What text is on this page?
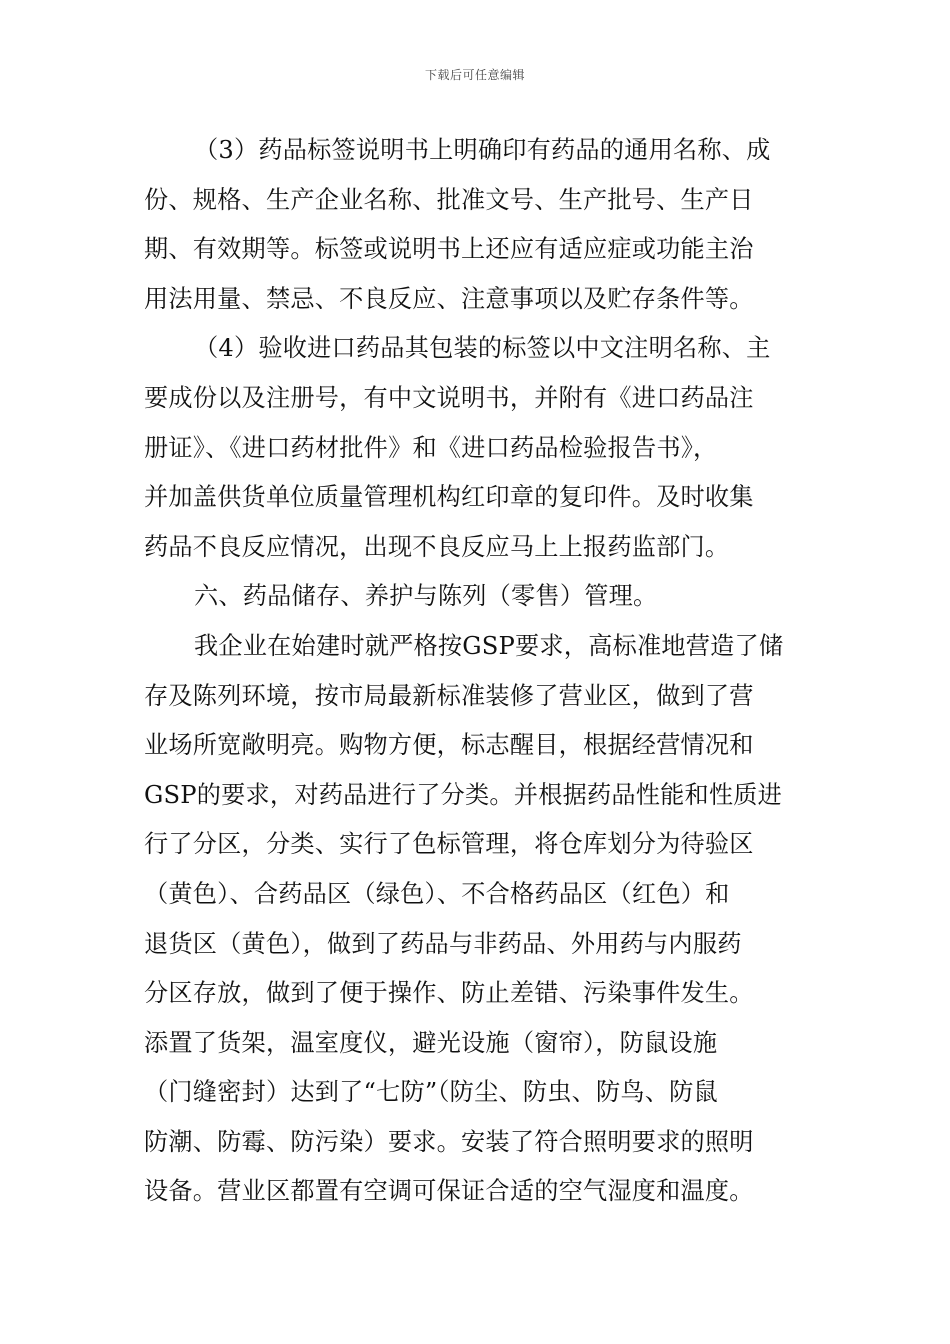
下载后可任意编辑
（3）药品标签说明书上明确印有药品的通用名称、成
份、规格、生产企业名称、批准文号、生产批号、生产日
期、有效期等。标签或说明书上还应有适应症或功能主治
用法用量、禁忌、不良反应、注意事项以及贮存条件等。
（4）验收进口药品其包装的标签以中文注明名称、主
要成份以及注册号，有中文说明书，并附有《进口药品注
册证》、《进口药材批件》和《进口药品检验报告书》，
并加盖供货单位质量管理机构红印章的复印件。及时收集
药品不良反应情况，出现不良反应马上上报药监部门。
六、药品储存、养护与陈列（零售）管理。
我企业在始建时就严格按GSP要求，高标准地营造了储
存及陈列环境，按市局最新标准装修了营业区，做到了营
业场所宽敞明亮。购物方便，标志醒目，根据经营情况和
GSP的要求，对药品进行了分类。并根据药品性能和性质进
行了分区，分类、实行了色标管理，将仓库划分为待验区
（黄色）、合药品区（绿色）、不合格药品区（红色）和
退货区（黄色），做到了药品与非药品、外用药与内服药
分区存放，做到了便于操作、防止差错、污染事件发生。
添置了货架，温室度仪，避光设施（窗帘），防鼠设施
（门缝密封）达到了“七防”（防尘、防虫、防鸟、防鼠
防潮、防霉、防污染）要求。安装了符合照明要求的照明
设备。营业区都置有空调可保证合适的空气湿度和温度。
